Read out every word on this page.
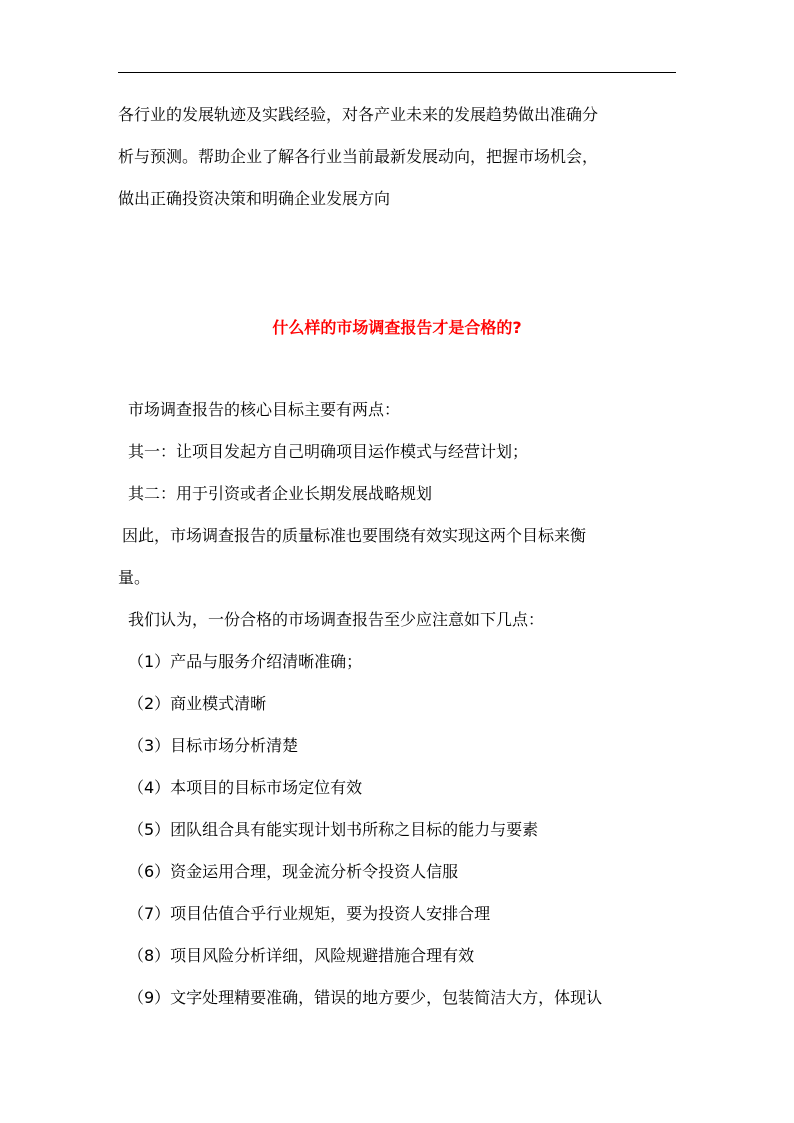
各行业的发展轨迹及实践经验，对各产业未来的发展趋势做出准确分

析与预测。帮助企业了解各行业当前最新发展动向，把握市场机会，

做出正确投资决策和明确企业发展方向

什么样的市场调查报告才是合格的?

市场调查报告的核心目标主要有两点：

其一：让项目发起方自己明确项目运作模式与经营计划；

其二：用于引资或者企业长期发展战略规划

因此，市场调查报告的质量标准也要围绕有效实现这两个目标来衡

量。

我们认为，一份合格的市场调查报告至少应注意如下几点：

（1）产品与服务介绍清晰准确；

（2）商业模式清晰

（3）目标市场分析清楚

（4）本项目的目标市场定位有效

（5）团队组合具有能实现计划书所称之目标的能力与要素

（6）资金运用合理，现金流分析令投资人信服

（7）项目估值合乎行业规矩，要为投资人安排合理

（8）项目风险分析详细，风险规避措施合理有效

（9）文字处理精要准确，错误的地方要少，包装简洁大方，体现认
